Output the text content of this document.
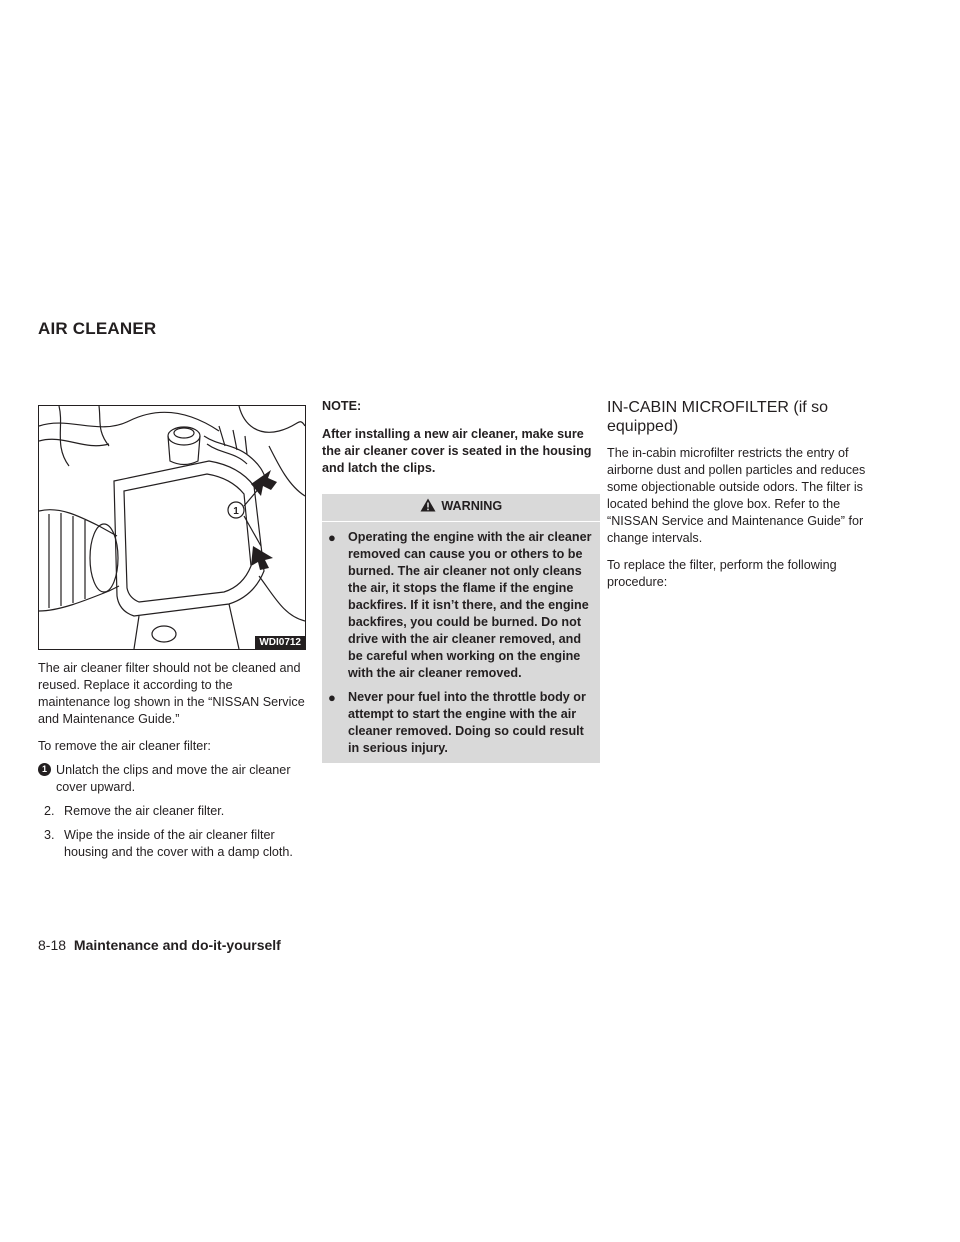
AIR CLEANER
1
WDI0712

The air cleaner filter should not be cleaned and reused. Replace it according to the maintenance log shown in the “NISSAN Service and Maintenance Guide.”

To remove the air cleaner filter:

1 Unlatch the clips and move the air cleaner cover upward.

2. Remove the air cleaner filter.

3. Wipe the inside of the air cleaner filter housing and the cover with a damp cloth.

NOTE:

After installing a new air cleaner, make sure the air cleaner cover is seated in the housing and latch the clips.

WARNING

● Operating the engine with the air cleaner removed can cause you or others to be burned. The air cleaner not only cleans the air, it stops the flame if the engine backfires. If it isn’t there, and the engine backfires, you could be burned. Do not drive with the air cleaner removed, and be careful when working on the engine with the air cleaner removed.

● Never pour fuel into the throttle body or attempt to start the engine with the air cleaner removed. Doing so could result in serious injury.

IN-CABIN MICROFILTER (if so equipped)

The in-cabin microfilter restricts the entry of airborne dust and pollen particles and reduces some objectionable outside odors. The filter is located behind the glove box. Refer to the “NISSAN Service and Maintenance Guide” for change intervals.

To replace the filter, perform the following procedure:

8-18 Maintenance and do-it-yourself
